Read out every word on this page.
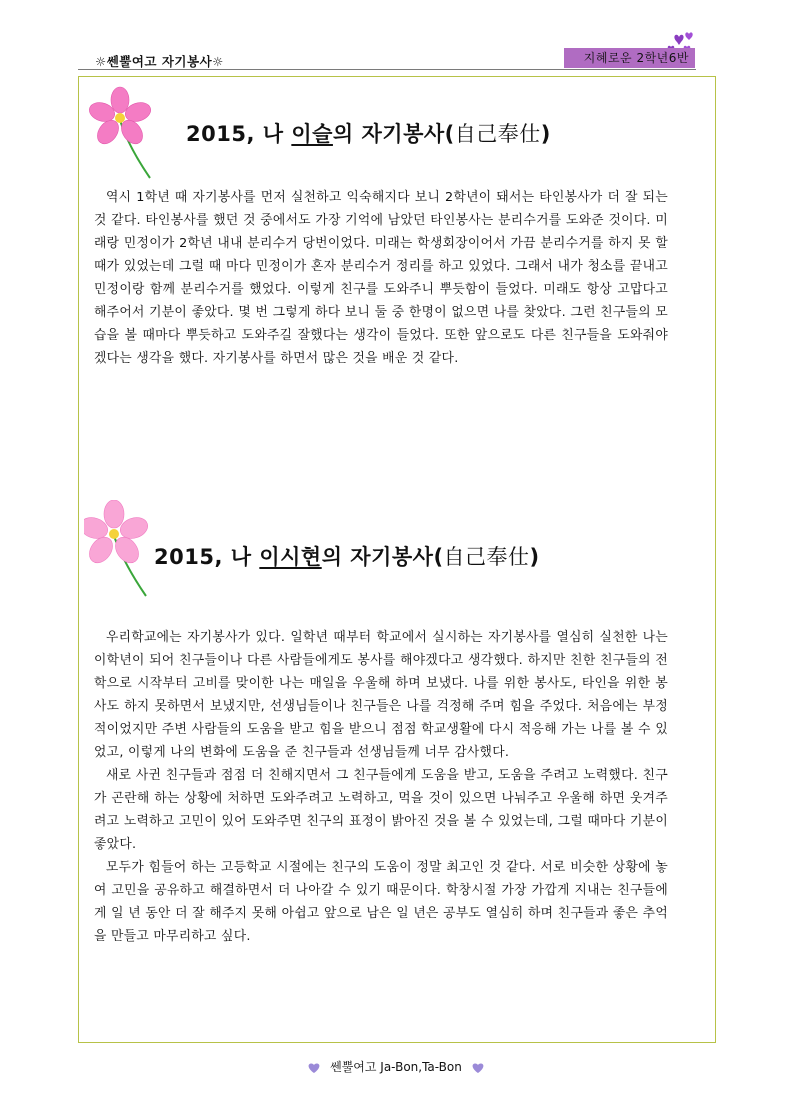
☼쎈뿔여고 자기봉사☼	지혜로운 2학년6반
2015, 나 이슬의 자기봉사(自己奉仕)

역시 1학년 때 자기봉사를 먼저 실천하고 익숙해지다 보니 2학년이 돼서는 타인봉사가 더 잘 되는 것 같다. 타인봉사를 했던 것 중에서도 가장 기억에 남았던 타인봉사는 분리수거를 도와준 것이다. 미래랑 민정이가 2학년 내내 분리수거 당번이었다. 미래는 학생회장이어서 가끔 분리수거를 하지 못 할 때가 있었는데 그럴 때 마다 민정이가 혼자 분리수거 정리를 하고 있었다. 그래서 내가 청소를 끝내고 민정이랑 함께 분리수거를 했었다. 이렇게 친구를 도와주니 뿌듯함이 들었다. 미래도 항상 고맙다고 해주어서 기분이 좋았다. 몇 번 그렇게 하다 보니 둘 중 한명이 없으면 나를 찾았다. 그런 친구들의 모습을 볼 때마다 뿌듯하고 도와주길 잘했다는 생각이 들었다. 또한 앞으로도 다른 친구들을 도와줘야겠다는 생각을 했다. 자기봉사를 하면서 많은 것을 배운 것 같다.

2015, 나 이시현의 자기봉사(自己奉仕)

우리학교에는 자기봉사가 있다. 일학년 때부터 학교에서 실시하는 자기봉사를 열심히 실천한 나는 이학년이 되어 친구들이나 다른 사람들에게도 봉사를 해야겠다고 생각했다. 하지만 친한 친구들의 전학으로 시작부터 고비를 맞이한 나는 매일을 우울해 하며 보냈다. 나를 위한 봉사도, 타인을 위한 봉사도 하지 못하면서 보냈지만, 선생님들이나 친구들은 나를 걱정해 주며 힘을 주었다. 처음에는 부정적이었지만 주변 사람들의 도움을 받고 힘을 받으니 점점 학교생활에 다시 적응해 가는 나를 볼 수 있었고, 이렇게 나의 변화에 도움을 준 친구들과 선생님들께 너무 감사했다.

새로 사귄 친구들과 점점 더 친해지면서 그 친구들에게 도움을 받고, 도움을 주려고 노력했다. 친구가 곤란해 하는 상황에 처하면 도와주려고 노력하고, 먹을 것이 있으면 나눠주고 우울해 하면 웃겨주려고 노력하고 고민이 있어 도와주면 친구의 표정이 밝아진 것을 볼 수 있었는데, 그럴 때마다 기분이 좋았다.

모두가 힘들어 하는 고등학교 시절에는 친구의 도움이 정말 최고인 것 같다. 서로 비슷한 상황에 놓여 고민을 공유하고 해결하면서 더 나아갈 수 있기 때문이다. 학창시절 가장 가깝게 지내는 친구들에게 일 년 동안 더 잘 해주지 못해 아쉽고 앞으로 남은 일 년은 공부도 열심히 하며 친구들과 좋은 추억을 만들고 마무리하고 싶다.

쎈뿔여고 Ja-Bon,Ta-Bon
